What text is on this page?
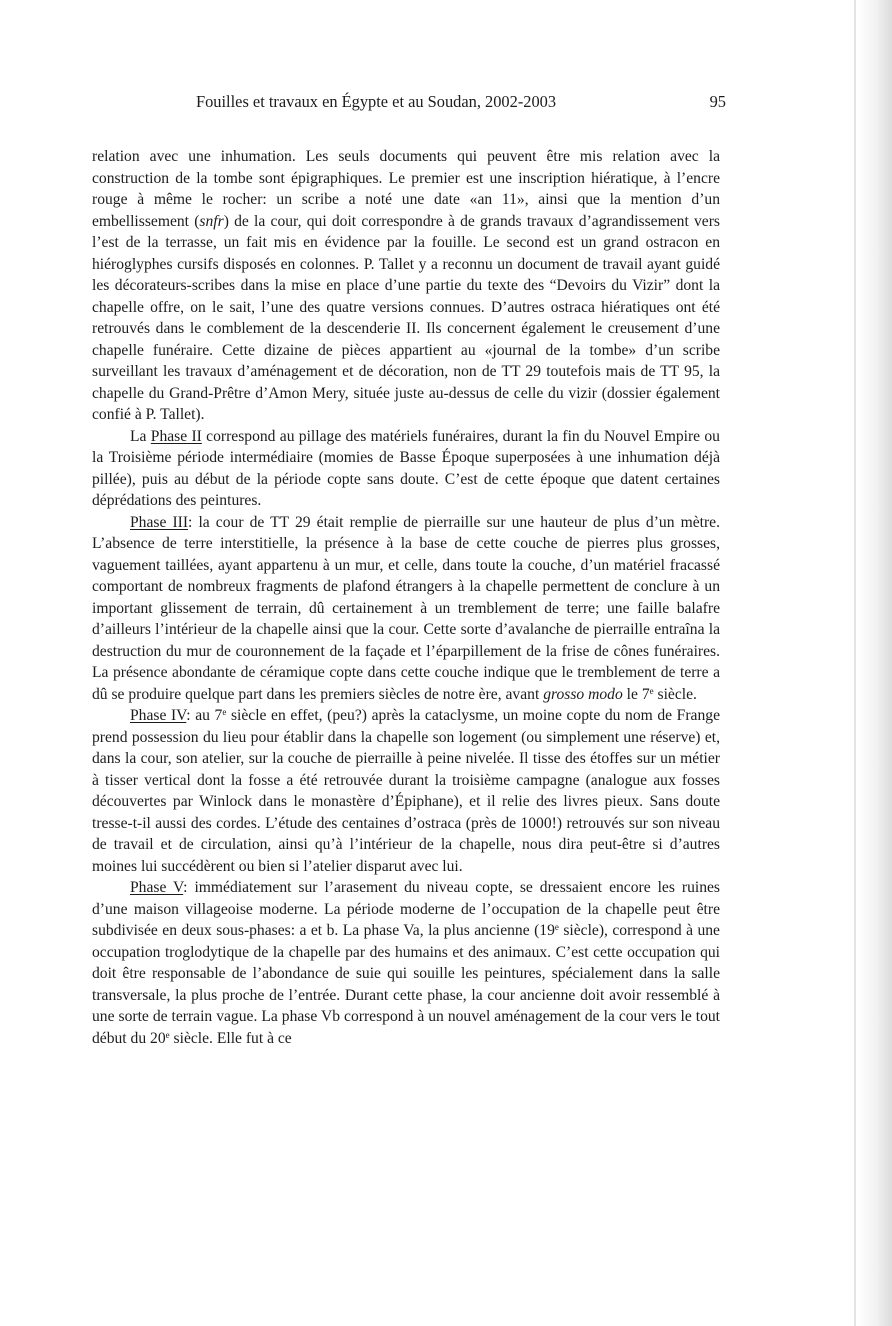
Fouilles et travaux en Égypte et au Soudan, 2002-2003	95

relation avec une inhumation. Les seuls documents qui peuvent être mis relation avec la construction de la tombe sont épigraphiques. Le premier est une inscription hiératique, à l’encre rouge à même le rocher: un scribe a noté une date «an 11», ainsi que la mention d’un embellissement (snfr) de la cour, qui doit correspondre à de grands travaux d’agrandissement vers l’est de la terrasse, un fait mis en évidence par la fouille. Le second est un grand ostracon en hiéroglyphes cursifs disposés en colonnes. P. Tallet y a reconnu un document de travail ayant guidé les décorateurs-scribes dans la mise en place d’une partie du texte des “Devoirs du Vizir” dont la chapelle offre, on le sait, l’une des quatre versions connues. D’autres ostraca hiératiques ont été retrouvés dans le comblement de la descenderie II. Ils concernent également le creusement d’une chapelle funéraire. Cette dizaine de pièces appartient au «journal de la tombe» d’un scribe surveillant les travaux d’aménagement et de décoration, non de TT 29 toutefois mais de TT 95, la chapelle du Grand-Prêtre d’Amon Mery, située juste au-dessus de celle du vizir (dossier également confié à P. Tallet).

La Phase II correspond au pillage des matériels funéraires, durant la fin du Nouvel Empire ou la Troisième période intermédiaire (momies de Basse Époque superposées à une inhumation déjà pillée), puis au début de la période copte sans doute. C’est de cette époque que datent certaines déprédations des peintures.

Phase III: la cour de TT 29 était remplie de pierraille sur une hauteur de plus d’un mètre. L’absence de terre interstitielle, la présence à la base de cette couche de pierres plus grosses, vaguement taillées, ayant appartenu à un mur, et celle, dans toute la couche, d’un matériel fracassé comportant de nombreux fragments de plafond étrangers à la chapelle permettent de conclure à un important glissement de terrain, dû certainement à un tremblement de terre; une faille balafre d’ailleurs l’intérieur de la chapelle ainsi que la cour. Cette sorte d’avalanche de pierraille entraîna la destruction du mur de couronnement de la façade et l’éparpillement de la frise de cônes funéraires. La présence abondante de céramique copte dans cette couche indique que le tremblement de terre a dû se produire quelque part dans les premiers siècles de notre ère, avant grosso modo le 7e siècle.

Phase IV: au 7e siècle en effet, (peu?) après la cataclysme, un moine copte du nom de Frange prend possession du lieu pour établir dans la chapelle son logement (ou simplement une réserve) et, dans la cour, son atelier, sur la couche de pierraille à peine nivelée. Il tisse des étoffes sur un métier à tisser vertical dont la fosse a été retrouvée durant la troisième campagne (analogue aux fosses découvertes par Winlock dans le monastère d’Épiphane), et il relie des livres pieux. Sans doute tresse-t-il aussi des cordes. L’étude des centaines d’ostraca (près de 1000!) retrouvés sur son niveau de travail et de circulation, ainsi qu’à l’intérieur de la chapelle, nous dira peut-être si d’autres moines lui succédèrent ou bien si l’atelier disparut avec lui.

Phase V: immédiatement sur l’arasement du niveau copte, se dressaient encore les ruines d’une maison villageoise moderne. La période moderne de l’occupation de la chapelle peut être subdivisée en deux sous-phases: a et b. La phase Va, la plus ancienne (19e siècle), correspond à une occupation troglodytique de la chapelle par des humains et des animaux. C’est cette occupation qui doit être responsable de l’abondance de suie qui souille les peintures, spécialement dans la salle transversale, la plus proche de l’entrée. Durant cette phase, la cour ancienne doit avoir ressemblé à une sorte de terrain vague. La phase Vb correspond à un nouvel aménagement de la cour vers le tout début du 20e siècle. Elle fut à ce
